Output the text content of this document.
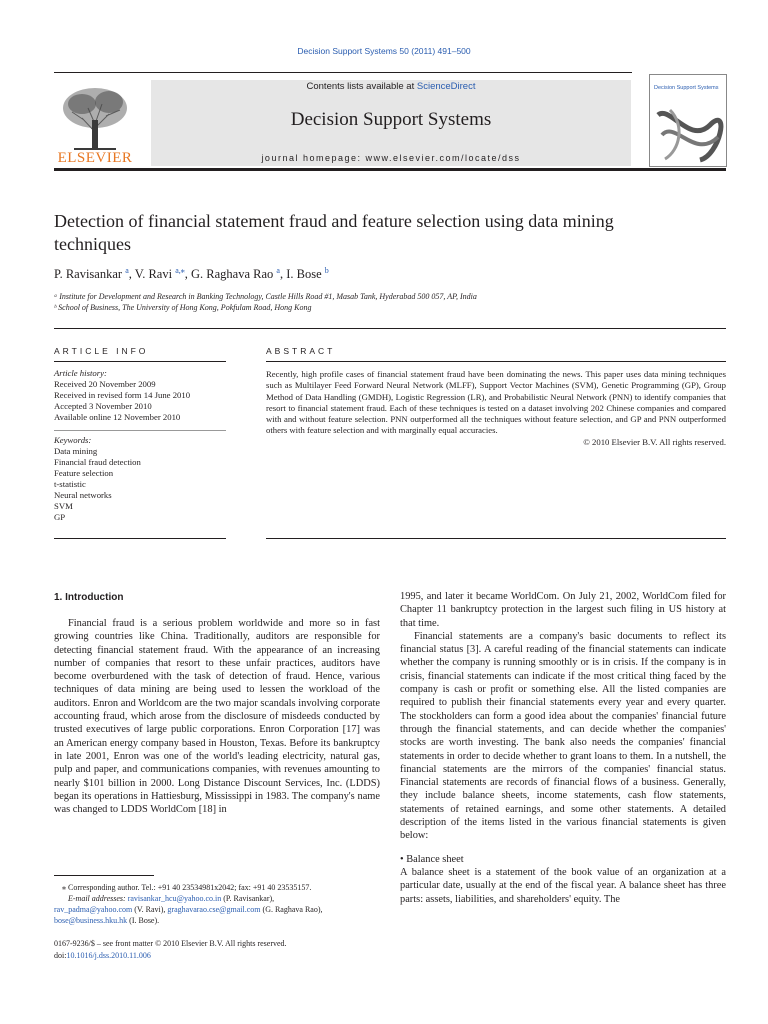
Decision Support Systems 50 (2011) 491–500
ELSEVIER
Contents lists available at ScienceDirect
Decision Support Systems
journal homepage: www.elsevier.com/locate/dss
Decision Support Systems
Detection of financial statement fraud and feature selection using data mining techniques
P. Ravisankar $^a$, V. Ravi $^{a,⁎}$, G. Raghava Rao $^a$, I. Bose $^b$
ᵃ Institute for Development and Research in Banking Technology, Castle Hills Road #1, Masab Tank, Hyderabad 500 057, AP, India
ᵇ School of Business, The University of Hong Kong, Pokfulam Road, Hong Kong
ARTICLE INFO
Article history:
Received 20 November 2009
Received in revised form 14 June 2010
Accepted 3 November 2010
Available online 12 November 2010
Keywords:
Data mining
Financial fraud detection
Feature selection
t-statistic
Neural networks
SVM
GP
ABSTRACT
Recently, high profile cases of financial statement fraud have been dominating the news. This paper uses data mining techniques such as Multilayer Feed Forward Neural Network (MLFF), Support Vector Machines (SVM), Genetic Programming (GP), Group Method of Data Handling (GMDH), Logistic Regression (LR), and Probabilistic Neural Network (PNN) to identify companies that resort to financial statement fraud. Each of these techniques is tested on a dataset involving 202 Chinese companies and compared with and without feature selection. PNN outperformed all the techniques without feature selection, and GP and PNN outperformed others with feature selection and with marginally equal accuracies.
© 2010 Elsevier B.V. All rights reserved.
1. Introduction

Financial fraud is a serious problem worldwide and more so in fast growing countries like China. Traditionally, auditors are responsible for detecting financial statement fraud. With the appearance of an increasing number of companies that resort to these unfair practices, auditors have become overburdened with the task of detection of fraud. Hence, various techniques of data mining are being used to lessen the workload of the auditors. Enron and Worldcom are the two major scandals involving corporate accounting fraud, which arose from the disclosure of misdeeds conducted by trusted executives of large public corporations. Enron Corporation [17] was an American energy company based in Houston, Texas. Before its bankruptcy in late 2001, Enron was one of the world's leading electricity, natural gas, pulp and paper, and communications companies, with revenues amounting to nearly $101 billion in 2000. Long Distance Discount Services, Inc. (LDDS) began its operations in Hattiesburg, Mississippi in 1983. The company's name was changed to LDDS WorldCom [18] in

1995, and later it became WorldCom. On July 21, 2002, WorldCom filed for Chapter 11 bankruptcy protection in the largest such filing in US history at that time.

Financial statements are a company's basic documents to reflect its financial status [3]. A careful reading of the financial statements can indicate whether the company is running smoothly or is in crisis. If the company is in crisis, financial statements can indicate if the most critical thing faced by the company is cash or profit or something else. All the listed companies are required to publish their financial statements every year and every quarter. The stockholders can form a good idea about the companies' financial future through the financial statements, and can decide whether the companies' stocks are worth investing. The bank also needs the companies' financial statements in order to decide whether to grant loans to them. In a nutshell, the financial statements are the mirrors of the companies' financial status. Financial statements are records of financial flows of a business. Generally, they include balance sheets, income statements, cash flow statements, statements of retained earnings, and some other statements. A detailed description of the items listed in the various financial statements is given below:

• Balance sheet

A balance sheet is a statement of the book value of an organization at a particular date, usually at the end of the fiscal year. A balance sheet has three parts: assets, liabilities, and shareholders' equity. The

⁎ Corresponding author. Tel.: +91 40 23534981x2042; fax: +91 40 23535157.
E-mail addresses: ravisankar_hcu@yahoo.co.in (P. Ravisankar),
rav_padma@yahoo.com (V. Ravi), graghavarao.cse@gmail.com (G. Raghava Rao),
bose@business.hku.hk (I. Bose).
0167-9236/$ – see front matter © 2010 Elsevier B.V. All rights reserved.
doi:10.1016/j.dss.2010.11.006
